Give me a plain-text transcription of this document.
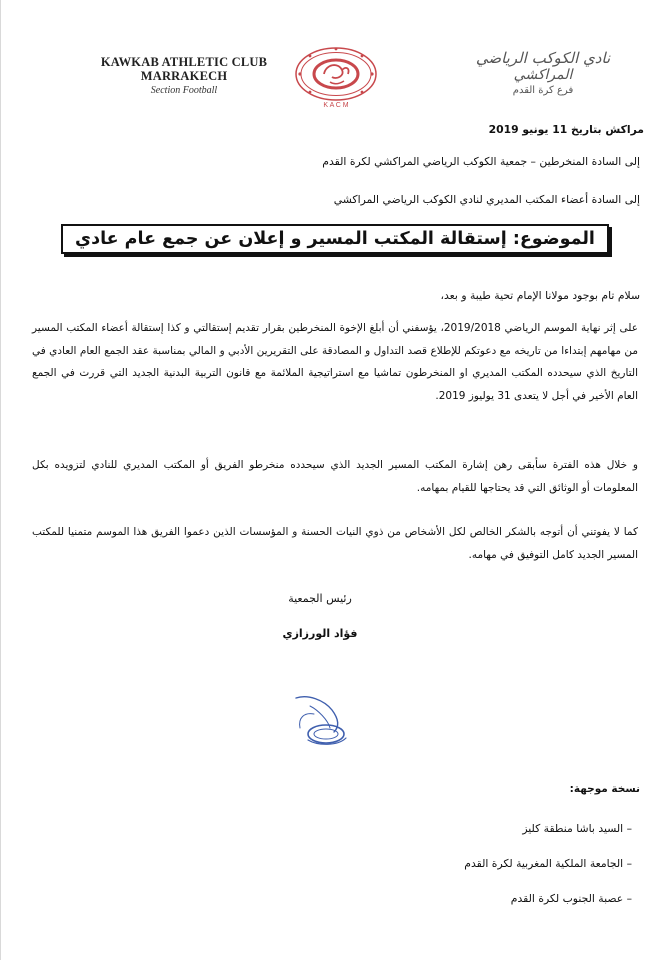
KAWKAB ATHLETIC CLUB
MARRAKECH
Section Football
K A C M
نادي الكوكب الرياضي
المراكشي
فرع كرة القدم
مراكش بتاريخ 11 يونيو 2019
إلى السادة المنخرطين – جمعية الكوكب الرياضي المراكشي لكرة القدم
إلى السادة أعضاء المكتب المديري لنادي الكوكب الرياضي المراكشي
الموضوع: إستقالة المكتب المسير و إعلان عن جمع عام عادي
سلام تام بوجود مولانا الإمام تحية طيبة و بعد،
على إثر نهاية الموسم الرياضي 2019/2018، يؤسفني أن أبلغ الإخوة المنخرطين بقرار تقديم إستقالتي و كذا إستقالة أعضاء المكتب المسير من مهامهم إبتداءا من تاريخه مع دعوتكم للإطلاع قصد التداول و المصادقة على التقريرين الأدبي و المالي بمناسبة عقد الجمع العام العادي في التاريخ الذي سيحدده المكتب المديري او المنخرطون تماشيا مع استراتيجية الملائمة مع قانون التربية البدنية الجديد التي قررت في الجمع العام الأخير في أجل لا يتعدى 31 يوليوز 2019.
و خلال هذه الفترة سأبقى رهن إشارة المكتب المسير الجديد الذي سيحدده منخرطو الفريق أو المكتب المديري للنادي لتزويده بكل المعلومات أو الوثائق التي قد يحتاجها للقيام بمهامه.
كما لا يفوتني أن أتوجه بالشكر الخالص لكل الأشخاص من ذوي النيات الحسنة و المؤسسات الذين دعموا الفريق هذا الموسم متمنيا للمكتب المسير الجديد كامل التوفيق في مهامه.
رئيس الجمعية
فؤاد الورزازي
نسخة موجهة:
– السيد باشا منطقة كليز
– الجامعة الملكية المغربية لكرة القدم
– عصبة الجنوب لكرة القدم
